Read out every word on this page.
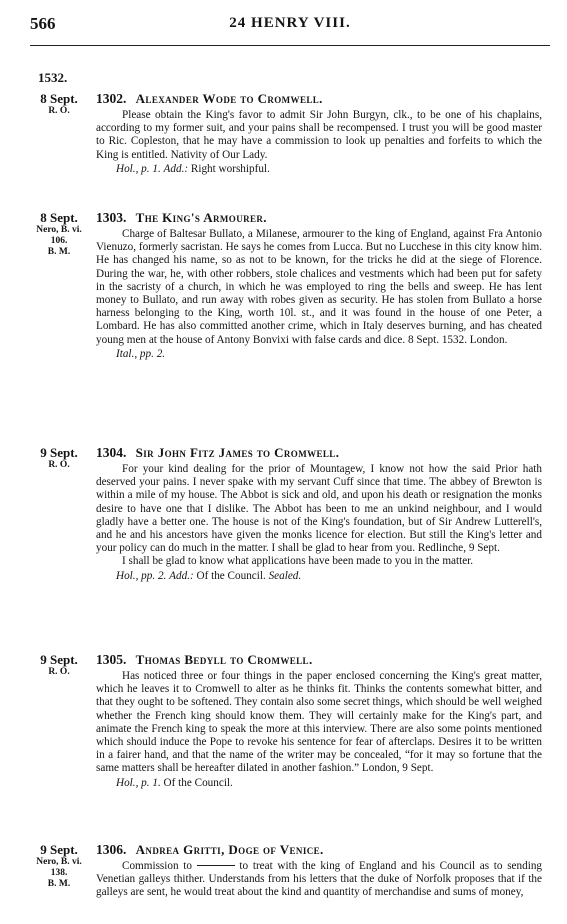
566	24 HENRY VIII.
1532.
8 Sept.
R. O.
1302. Alexander Wode to Cromwell.

Please obtain the King's favor to admit Sir John Burgyn, clk., to be one of his chaplains, according to my former suit, and your pains shall be recompensed. I trust you will be good master to Ric. Copleston, that he may have a commission to look up penalties and forfeits to which the King is entitled. Nativity of Our Lady.

Hol., p. 1. Add.: Right worshipful.
8 Sept.
Nero, B. vi.
106.
B. M.
1303. The King's Armourer.

Charge of Baltesar Bullato, a Milanese, armourer to the king of England, against Fra Antonio Vienuzo, formerly sacristan. He says he comes from Lucca. But no Lucchese in this city know him. He has changed his name, so as not to be known, for the tricks he did at the siege of Florence. During the war, he, with other robbers, stole chalices and vestments which had been put for safety in the sacristy of a church, in which he was employed to ring the bells and sweep. He has lent money to Bullato, and run away with robes given as security. He has stolen from Bullato a horse harness belonging to the King, worth 10l. st., and it was found in the house of one Peter, a Lombard. He has also committed another crime, which in Italy deserves burning, and has cheated young men at the house of Antony Bonvixi with false cards and dice. 8 Sept. 1532. London.

Ital., pp. 2.
9 Sept.
R. O.
1304. Sir John Fitz James to Cromwell.

For your kind dealing for the prior of Mountagew, I know not how the said Prior hath deserved your pains. I never spake with my servant Cuff since that time. The abbey of Brewton is within a mile of my house. The Abbot is sick and old, and upon his death or resignation the monks desire to have one that I dislike. The Abbot has been to me an unkind neighbour, and I would gladly have a better one. The house is not of the King's foundation, but of Sir Andrew Lutterell's, and he and his ancestors have given the monks licence for election. But still the King's letter and your policy can do much in the matter. I shall be glad to hear from you. Redlinche, 9 Sept.

I shall be glad to know what applications have been made to you in the matter.

Hol., pp. 2. Add.: Of the Council. Sealed.
9 Sept.
R. O.
1305. Thomas Bedyll to Cromwell.

Has noticed three or four things in the paper enclosed concerning the King's great matter, which he leaves it to Cromwell to alter as he thinks fit. Thinks the contents somewhat bitter, and that they ought to be softened. They contain also some secret things, which should be well weighed whether the French king should know them. They will certainly make for the King's part, and animate the French king to speak the more at this interview. There are also some points mentioned which should induce the Pope to revoke his sentence for fear of afterclaps. Desires it to be written in a fairer hand, and that the name of the writer may be concealed, “for it may so fortune that the same matters shall be hereafter dilated in another fashion.” London, 9 Sept.

Hol., p. 1. Of the Council.
9 Sept.
Nero, B. vi.
138.
B. M.
1306. Andrea Gritti, Doge of Venice.

Commission to	to treat with the king of England and his Council as to sending Venetian galleys thither. Understands from his letters that the duke of Norfolk proposes that if the galleys are sent, he would treat about the kind and quantity of merchandise and sums of money,
